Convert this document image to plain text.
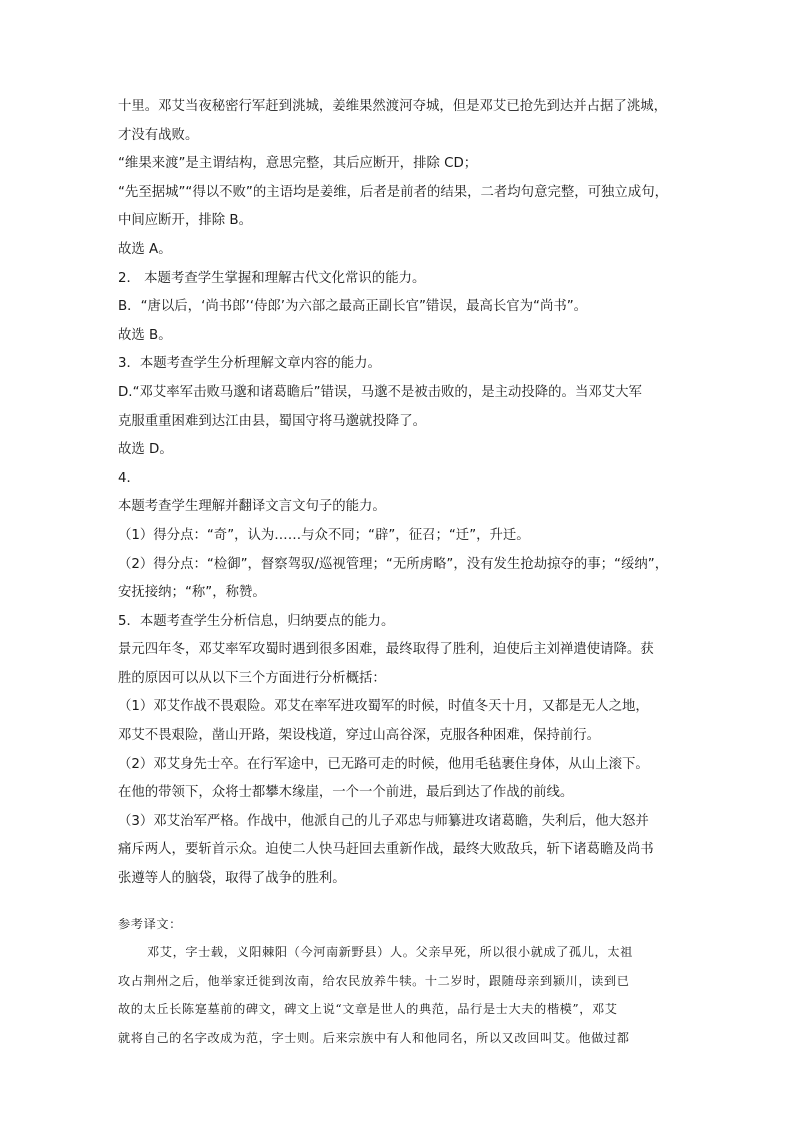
十里。邓艾当夜秘密行军赶到洮城，姜维果然渡河夺城，但是邓艾已抢先到达并占据了洮城，
才没有战败。
“维果来渡”是主谓结构，意思完整，其后应断开，排除 CD；
“先至据城”“得以不败”的主语均是姜维，后者是前者的结果，二者均句意完整，可独立成句，
中间应断开，排除 B。
故选 A。
2． 本题考查学生掌握和理解古代文化常识的能力。
B．“唐以后，‘尚书郎’‘侍郎’为六部之最高正副长官”错误，最高长官为“尚书”。
故选 B。
3．本题考查学生分析理解文章内容的能力。
D.“邓艾率军击败马邈和诸葛瞻后”错误，马邈不是被击败的，是主动投降的。当邓艾大军
克服重重困难到达江由县，蜀国守将马邈就投降了。
故选 D。
4．
本题考查学生理解并翻译文言文句子的能力。
（1）得分点：“奇”，认为……与众不同；“辟”，征召；“迁”，升迁。
（2）得分点：“检御”，督察驾驭/巡视管理；“无所虏略”，没有发生抢劫掠夺的事；“绥纳”，
安抚接纳；“称”，称赞。
5．本题考查学生分析信息，归纳要点的能力。
景元四年冬，邓艾率军攻蜀时遇到很多困难，最终取得了胜利，迫使后主刘禅遣使请降。获
胜的原因可以从以下三个方面进行分析概括：
（1）邓艾作战不畏艰险。邓艾在率军进攻蜀军的时候，时值冬天十月，又都是无人之地，
邓艾不畏艰险，凿山开路，架设栈道，穿过山高谷深，克服各种困难，保持前行。
（2）邓艾身先士卒。在行军途中，已无路可走的时候，他用毛毡裹住身体，从山上滚下。
在他的带领下，众将士都攀木缘崖，一个一个前进，最后到达了作战的前线。
（3）邓艾治军严格。作战中，他派自己的儿子邓忠与师纂进攻诸葛瞻，失利后，他大怒并
痛斥两人，要斩首示众。迫使二人快马赶回去重新作战，最终大败敌兵，斩下诸葛瞻及尚书
张遵等人的脑袋，取得了战争的胜利。
参考译文：
邓艾，字士载，义阳棘阳（今河南新野县）人。父亲早死，所以很小就成了孤儿，太祖
攻占荆州之后，他举家迁徙到汝南，给农民放养牛犊。十二岁时，跟随母亲到颍川，读到已
故的太丘长陈寔墓前的碑文，碑文上说“文章是世人的典范，品行是士大夫的楷模”，邓艾
就将自己的名字改成为范，字士则。后来宗族中有人和他同名，所以又改回叫艾。他做过都
